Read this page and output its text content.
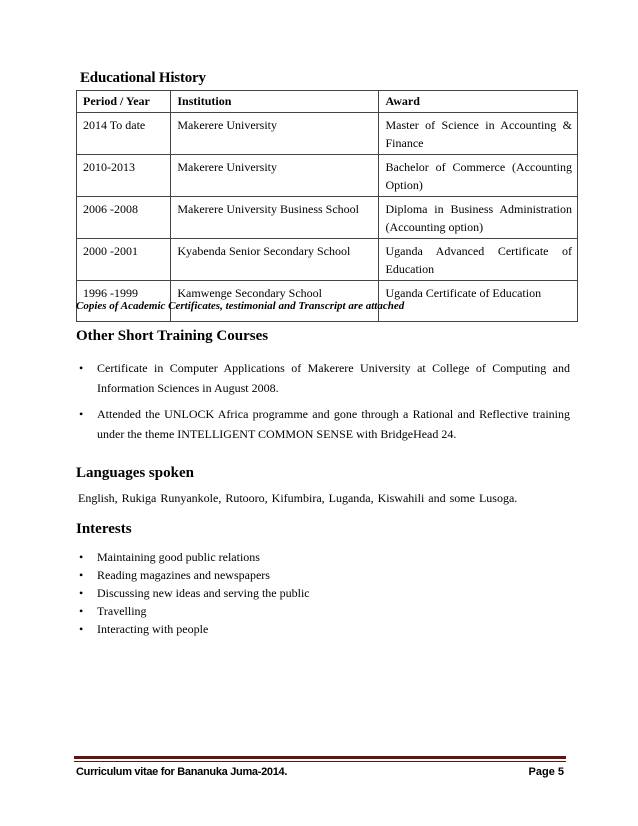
Educational History
Period / Year	Institution	Award
2014 To date	Makerere University	Master of Science in Accounting & Finance
2010-2013	Makerere University	Bachelor of Commerce (Accounting Option)
2006 -2008	Makerere University Business School	Diploma in Business Administration (Accounting option)
2000 -2001	Kyabenda Senior Secondary School	Uganda Advanced Certificate of Education
1996 -1999	Kamwenge Secondary School	Uganda Certificate of Education
Copies of Academic Certificates, testimonial and Transcript are attached
Other Short Training Courses
• Certificate in Computer Applications of Makerere University at College of Computing and Information Sciences in August 2008.
• Attended the UNLOCK Africa programme and gone through a Rational and Reflective training under the theme INTELLIGENT COMMON SENSE with BridgeHead 24.
Languages spoken
English, Rukiga Runyankole, Rutooro, Kifumbira, Luganda, Kiswahili and some Lusoga.
Interests
• Maintaining good public relations
• Reading magazines and newspapers
• Discussing new ideas and serving the public
• Travelling
• Interacting with people
Curriculum vitae for Bananuka Juma-2014.	Page 5
